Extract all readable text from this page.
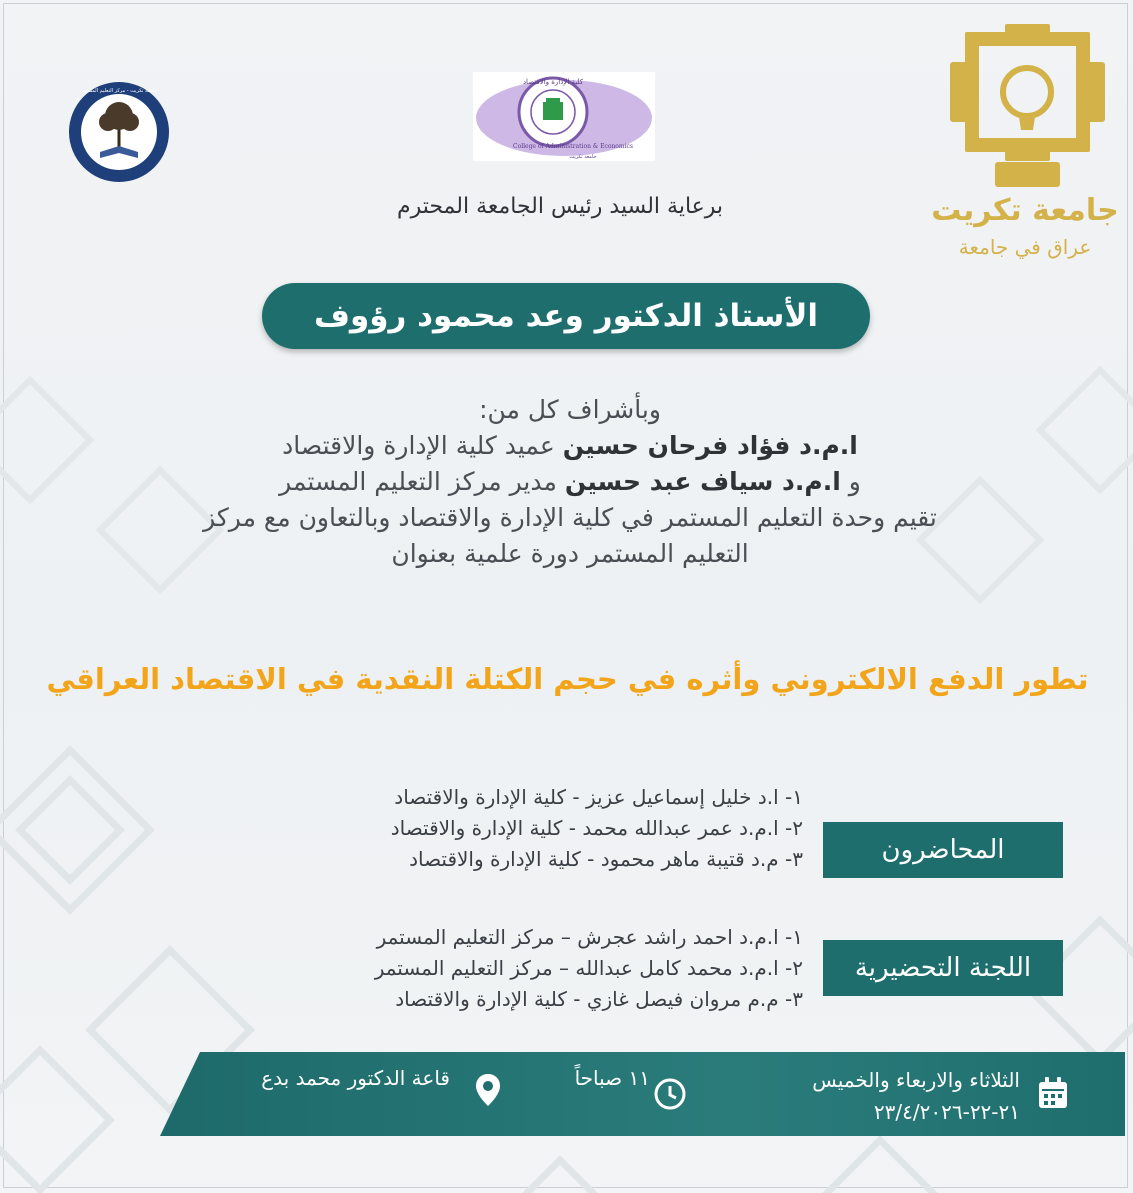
جامعة تكريت
عراق في جامعة
كلية الإدارة والاقتصاد
College of Administration & Economics
جامعة تكريت
جامعة تكريت - مركز التعليم المستمر
برعاية السيد رئيس الجامعة المحترم
الأستاذ الدكتور وعد محمود رؤوف
وبأشراف كل من:
ا.م.د فؤاد فرحان حسين عميد كلية الإدارة والاقتصاد
و ا.م.د سياف عبد حسين مدير مركز التعليم المستمر
تقيم وحدة التعليم المستمر في كلية الإدارة والاقتصاد وبالتعاون مع مركز
التعليم المستمر دورة علمية بعنوان
تطور الدفع الالكتروني وأثره في حجم الكتلة النقدية في الاقتصاد العراقي
المحاضرون
١- ا.د خليل إسماعيل عزيز - كلية الإدارة والاقتصاد
٢- ا.م.د عمر عبدالله محمد - كلية الإدارة والاقتصاد
٣- م.د قتيبة ماهر محمود - كلية الإدارة والاقتصاد
اللجنة التحضيرية
١- ا.م.د احمد راشد عجرش – مركز التعليم المستمر
٢- ا.م.د محمد كامل عبدالله – مركز التعليم المستمر
٣- م.م مروان فيصل غازي - كلية الإدارة والاقتصاد
الثلاثاء والاربعاء والخميس
٢١-٢٢-٢٣/٤/٢٠٢٦
١١ صباحاً
قاعة الدكتور محمد بدع
